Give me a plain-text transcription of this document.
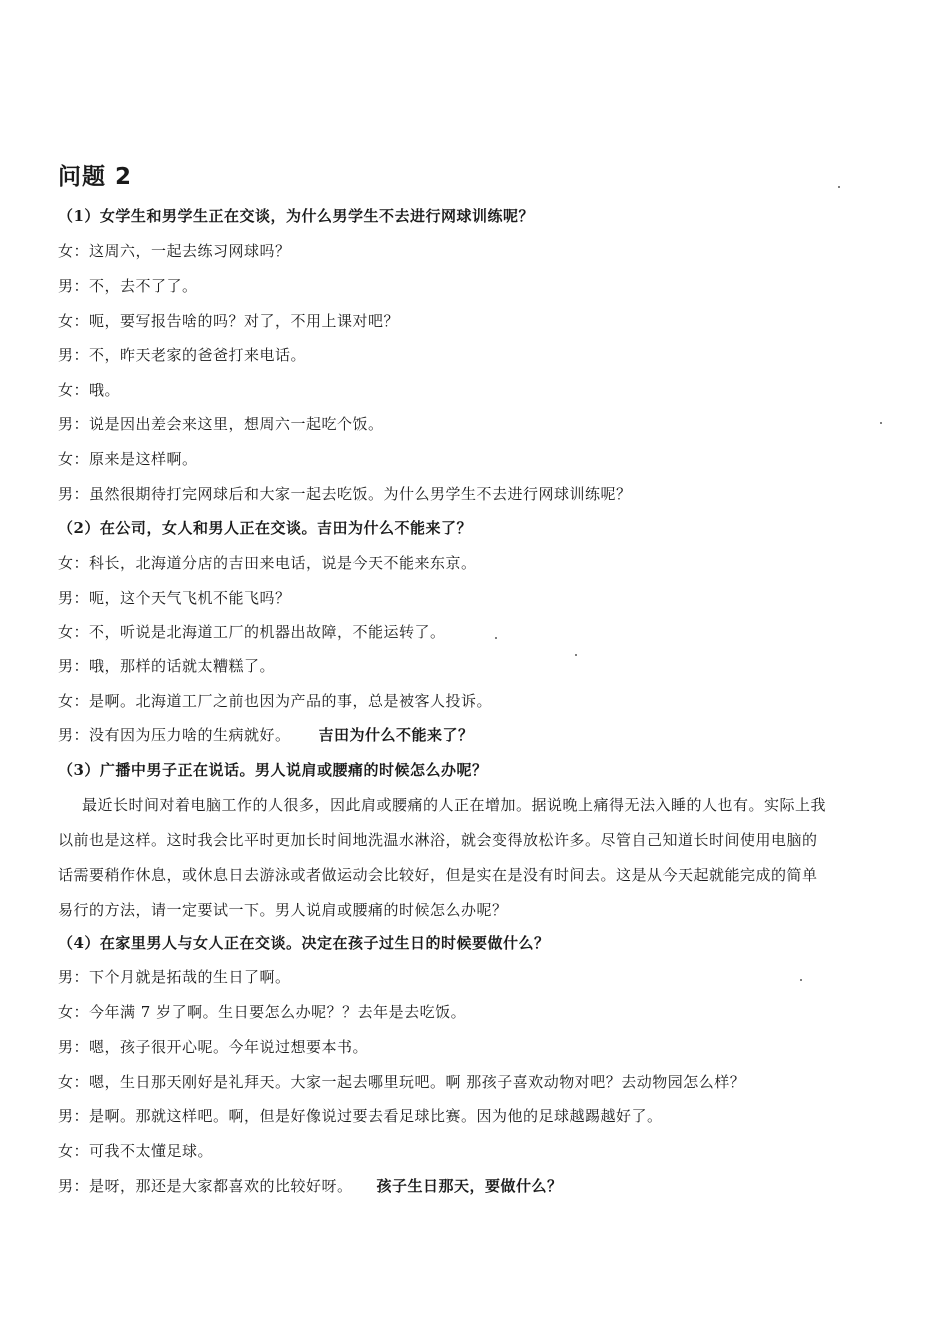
问题 2
（1）女学生和男学生正在交谈，为什么男学生不去进行网球训练呢？
女：这周六，一起去练习网球吗？
男：不，去不了了。
女：呃，要写报告啥的吗？对了，不用上课对吧？
男：不，昨天老家的爸爸打来电话。
女：哦。
男：说是因出差会来这里，想周六一起吃个饭。
女：原来是这样啊。
男：虽然很期待打完网球后和大家一起去吃饭。为什么男学生不去进行网球训练呢？
（2）在公司，女人和男人正在交谈。吉田为什么不能来了？
女：科长，北海道分店的吉田来电话，说是今天不能来东京。
男：呃，这个天气飞机不能飞吗？
女：不，听说是北海道工厂的机器出故障，不能运转了。
男：哦，那样的话就太糟糕了。
女：是啊。北海道工厂之前也因为产品的事，总是被客人投诉。
男：没有因为压力啥的生病就好。 吉田为什么不能来了？
（3）广播中男子正在说话。男人说肩或腰痛的时候怎么办呢？
最近长时间对着电脑工作的人很多，因此肩或腰痛的人正在增加。据说晚上痛得无法入睡的人也有。实际上我以前也是这样。这时我会比平时更加长时间地洗温水淋浴，就会变得放松许多。尽管自己知道长时间使用电脑的话需要稍作休息，或休息日去游泳或者做运动会比较好，但是实在是没有时间去。这是从今天起就能完成的简单易行的方法，请一定要试一下。男人说肩或腰痛的时候怎么办呢？
（4）在家里男人与女人正在交谈。决定在孩子过生日的时候要做什么？
男：下个月就是拓哉的生日了啊。
女：今年满 7 岁了啊。生日要怎么办呢？？去年是去吃饭。
男：嗯，孩子很开心呢。今年说过想要本书。
女：嗯，生日那天刚好是礼拜天。大家一起去哪里玩吧。啊 那孩子喜欢动物对吧？去动物园怎么样？
男：是啊。那就这样吧。啊，但是好像说过要去看足球比赛。因为他的足球越踢越好了。
女：可我不太懂足球。
男：是呀，那还是大家都喜欢的比较好呀。 孩子生日那天，要做什么？
